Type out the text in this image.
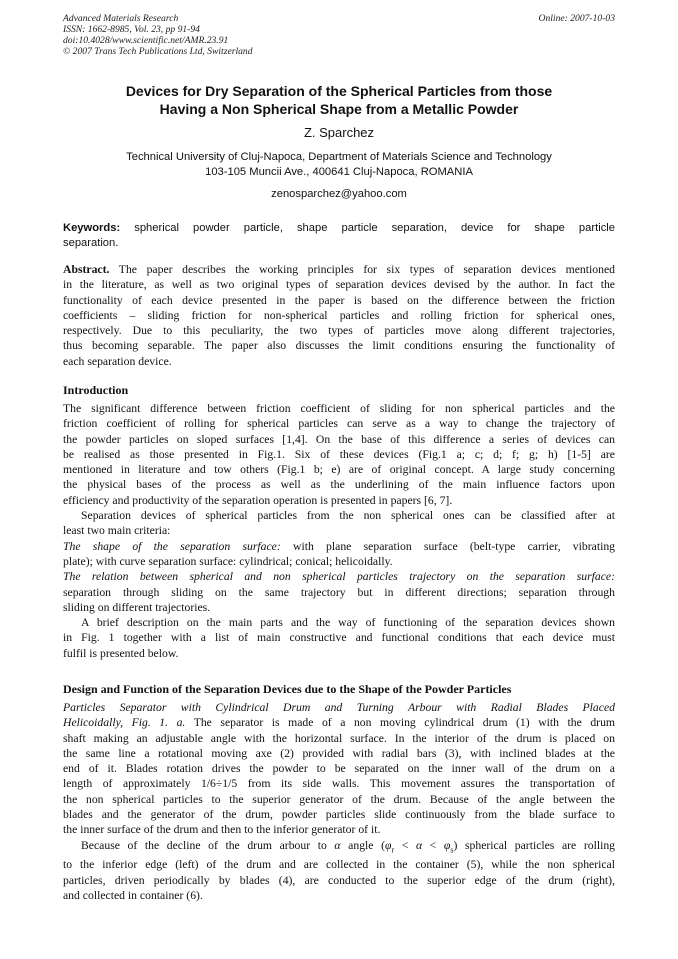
Advanced Materials Research
ISSN: 1662-8985, Vol. 23, pp 91-94
doi:10.4028/www.scientific.net/AMR.23.91
© 2007 Trans Tech Publications Ltd, Switzerland
Online: 2007-10-03
Devices for Dry Separation of the Spherical Particles from those
Having a Non Spherical Shape from a Metallic Powder
Z. Sparchez
Technical University of Cluj-Napoca, Department of Materials Science and Technology
103-105 Muncii Ave., 400641 Cluj-Napoca, ROMANIA
zenosparchez@yahoo.com
Keywords: spherical powder particle, shape particle separation, device for shape particle
separation.
Abstract. The paper describes the working principles for six types of separation devices mentioned
in the literature, as well as two original types of separation devices devised by the author. In fact the
functionality of each device presented in the paper is based on the difference between the friction
coefficients – sliding friction for non-spherical particles and rolling friction for spherical ones,
respectively. Due to this peculiarity, the two types of particles move along different trajectories,
thus becoming separable. The paper also discusses the limit conditions ensuring the functionality of
each separation device.
Introduction
The significant difference between friction coefficient of sliding for non spherical particles and the
friction coefficient of rolling for spherical particles can serve as a way to change the trajectory of
the powder particles on sloped surfaces [1,4]. On the base of this difference a series of devices can
be realised as those presented in Fig.1. Six of these devices (Fig.1 a; c; d; f; g; h) [1-5] are
mentioned in literature and tow others (Fig.1 b; e) are of original concept. A large study concerning
the physical bases of the process as well as the underlining of the main influence factors upon
efficiency and productivity of the separation operation is presented in papers [6, 7].
Separation devices of spherical particles from the non spherical ones can be classified after at
least two main criteria:
The shape of the separation surface: with plane separation surface (belt-type carrier, vibrating
plate); with curve separation surface: cylindrical; conical; helicoidally.
The relation between spherical and non spherical particles trajectory on the separation surface:
separation through sliding on the same trajectory but in different directions; separation through
sliding on different trajectories.
A brief description on the main parts and the way of functioning of the separation devices shown
in Fig. 1 together with a list of main constructive and functional conditions that each device must
fulfil is presented below.
Design and Function of the Separation Devices due to the Shape of the Powder Particles
Particles Separator with Cylindrical Drum and Turning Arbour with Radial Blades Placed
Helicoidally, Fig. 1. a. The separator is made of a non moving cylindrical drum (1) with the drum
shaft making an adjustable angle with the horizontal surface. In the interior of the drum is placed on
the same line a rotational moving axe (2) provided with radial bars (3), with inclined blades at the
end of it. Blades rotation drives the powder to be separated on the inner wall of the drum on a
length of approximately 1/6÷1/5 from its side walls. This movement assures the transportation of
the non spherical particles to the superior generator of the drum. Because of the angle between the
blades and the generator of the drum, powder particles slide continuously from the blade surface to
the inner surface of the drum and then to the inferior generator of it.
Because of the decline of the drum arbour to α angle $(\varphi_r < \alpha < \varphi_s)$ spherical particles are rolling
to the inferior edge (left) of the drum and are collected in the container (5), while the non spherical
particles, driven periodically by blades (4), are conducted to the superior edge of the drum (right),
and collected in container (6).
